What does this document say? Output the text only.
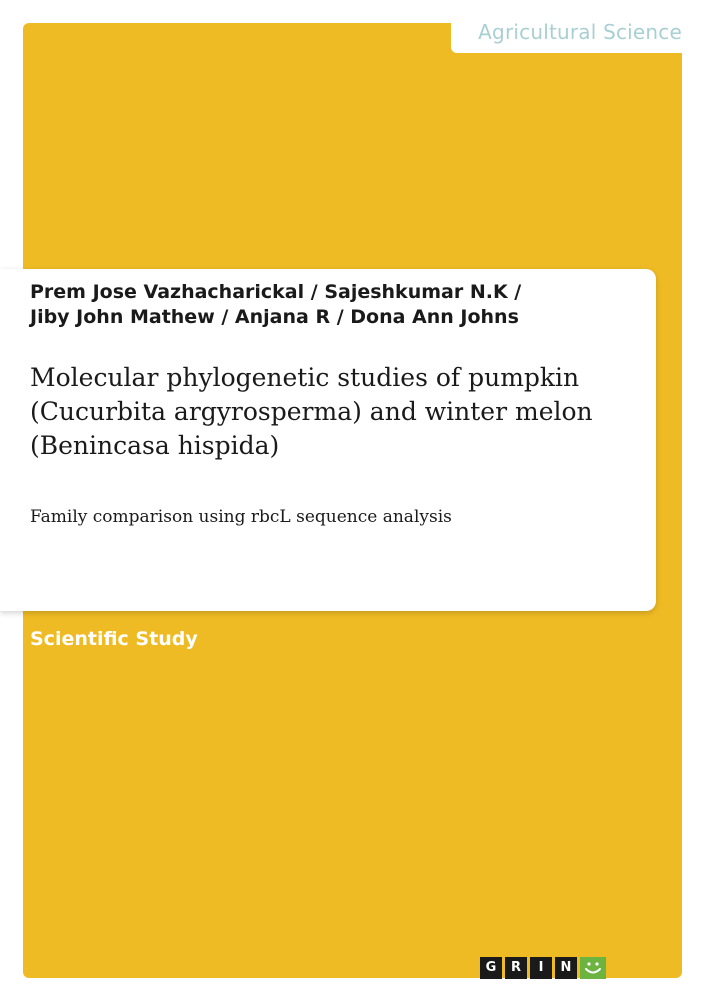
Agricultural Science
Prem Jose Vazhacharickal / Sajeshkumar N.K /
Jiby John Mathew / Anjana R / Dona Ann Johns
Molecular phylogenetic studies of pumpkin (Cucurbita argyrosperma) and winter melon (Benincasa hispida)
Family comparison using rbcL sequence analysis
Scientific Study
G	R	I	N
